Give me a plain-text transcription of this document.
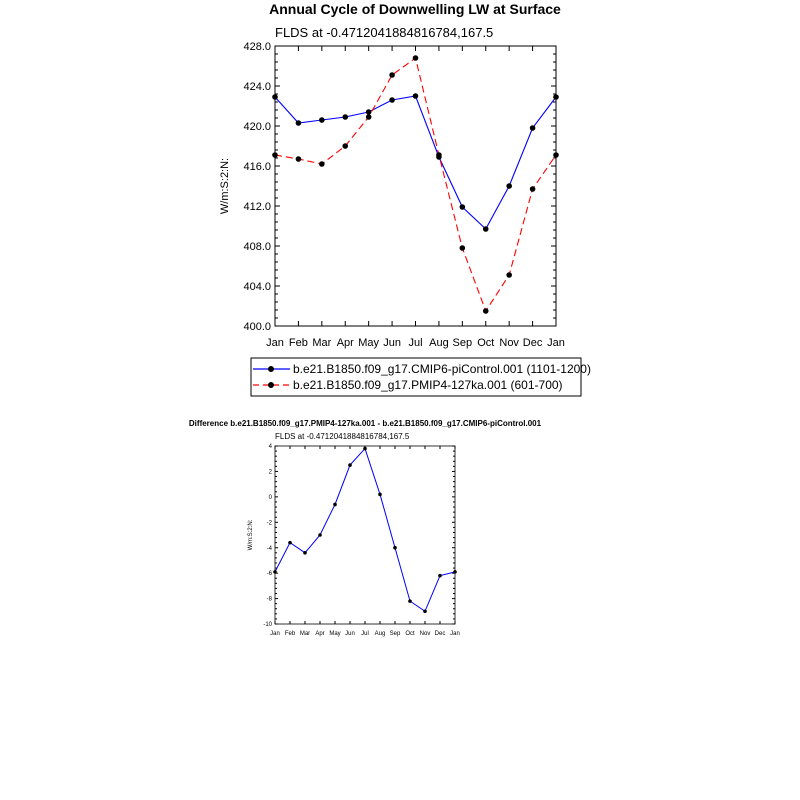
Annual Cycle of Downwelling LW at Surface
FLDS at -0.4712041884816784,167.5
W/m:S:2:N:
400.0
404.0
408.0
412.0
416.0
420.0
424.0
428.0
Jan Feb Mar Apr May Jun Jul Aug Sep Oct Nov Dec Jan
b.e21.B1850.f09_g17.CMIP6-piControl.001 (1101-1200)
b.e21.B1850.f09_g17.PMIP4-127ka.001 (601-700)
Difference b.e21.B1850.f09_g17.PMIP4-127ka.001 - b.e21.B1850.f09_g17.CMIP6-piControl.001
FLDS at -0.4712041884816784,167.5
W/m:S:2:N:
-10
-8
-6
-4
-2
0
2
4
Jan Feb Mar Apr May Jun Jul Aug Sep Oct Nov Dec Jan
